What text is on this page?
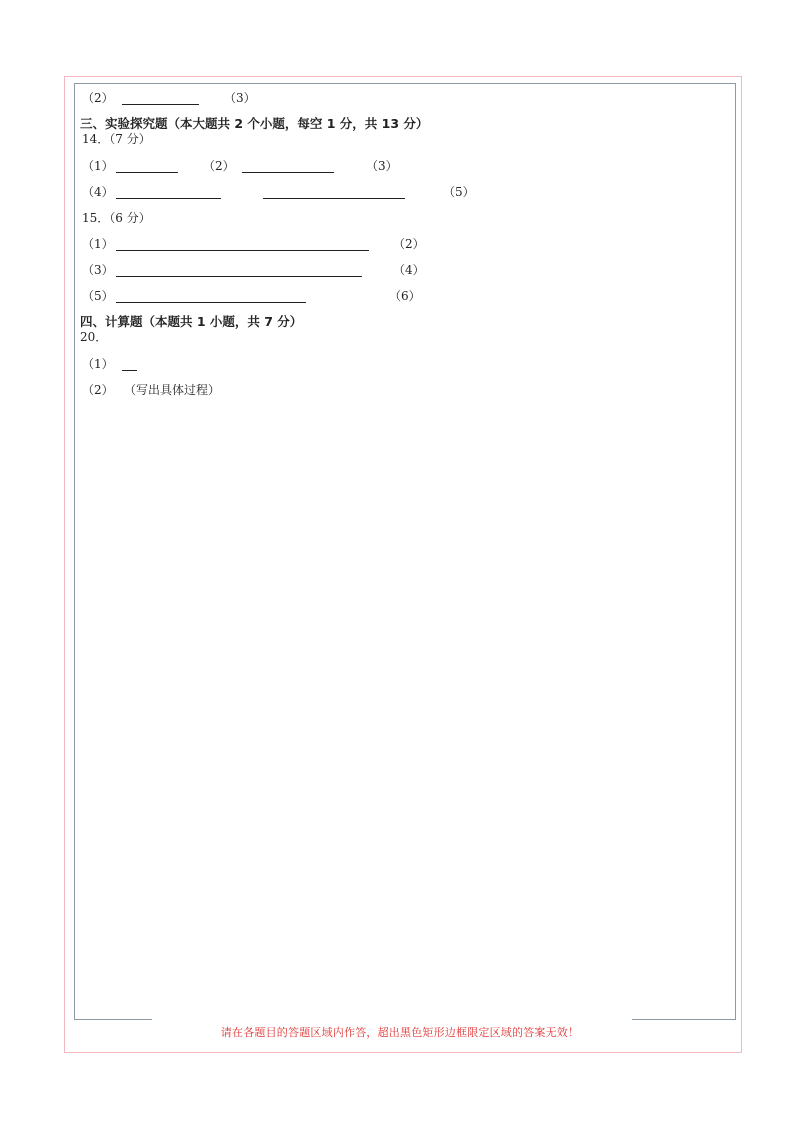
（2）	（3）
三、实验探究题（本大题共 2 个小题，每空 1 分，共 13 分）
14．（7 分）
（1）	（2）	（3）
（4）	（5）
15．（6 分）
（1）	（2）
（3）	（4）
（5）	（6）
四、计算题（本题共 1 小题，共 7 分）
20．
（1）
（2） （写出具体过程）
请在各题目的答题区域内作答，超出黑色矩形边框限定区域的答案无效！
